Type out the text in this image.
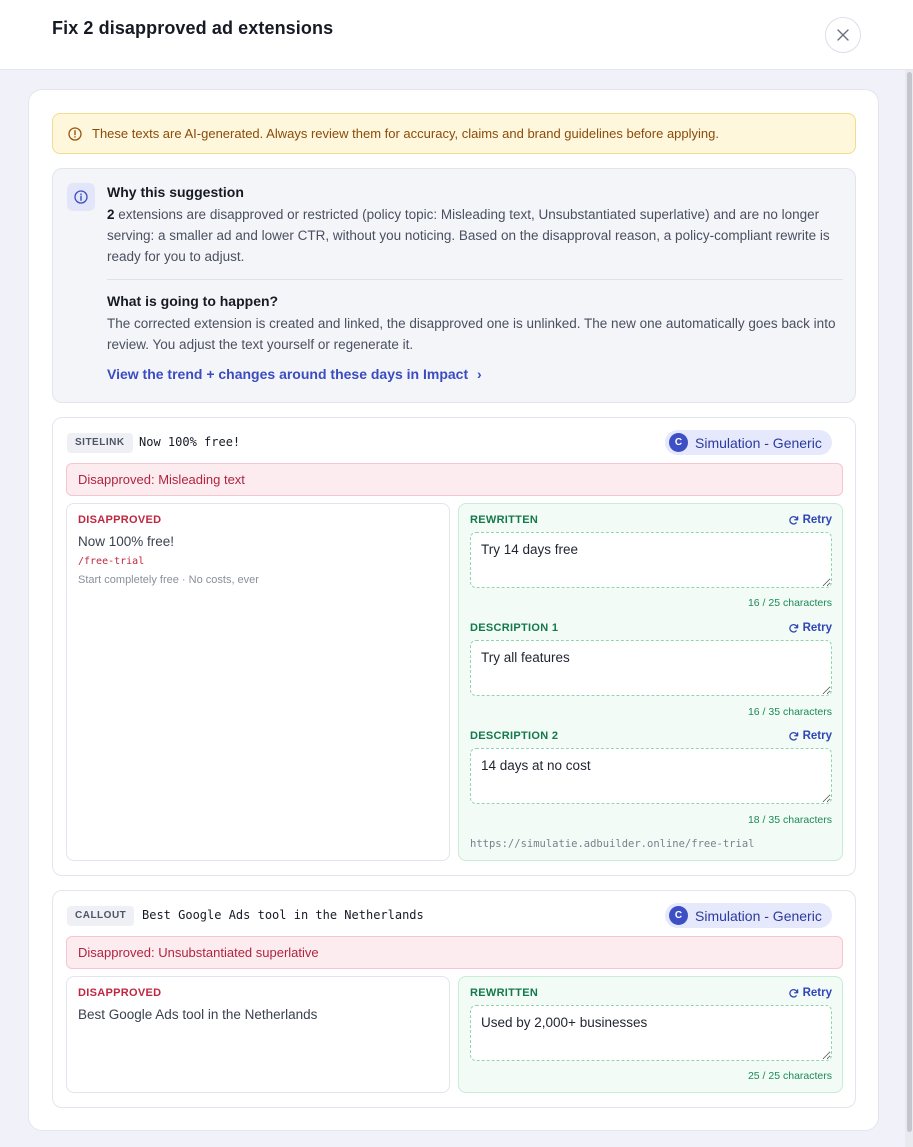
Fix 2 disapproved ad extensions
These texts are AI-generated. Always review them for accuracy, claims and brand guidelines before applying.
Why this suggestion
2 extensions are disapproved or restricted (policy topic: Misleading text, Unsubstantiated superlative) and are no longer serving: a smaller ad and lower CTR, without you noticing. Based on the disapproval reason, a policy-compliant rewrite is ready for you to adjust.
What is going to happen?
The corrected extension is created and linked, the disapproved one is unlinked. The new one automatically goes back into review. You adjust the text yourself or regenerate it.
View the trend + changes around these days in Impact ›
SITELINK	Now 100% free!	C Simulation - Generic
Disapproved: Misleading text
DISAPPROVED
Now 100% free!
/free-trial
Start completely free · No costs, ever
REWRITTEN	Retry
Try 14 days free
16 / 25 characters
DESCRIPTION 1	Retry
Try all features
16 / 35 characters
DESCRIPTION 2	Retry
14 days at no cost
18 / 35 characters
https://simulatie.adbuilder.online/free-trial
CALLOUT	Best Google Ads tool in the Netherlands	C Simulation - Generic
Disapproved: Unsubstantiated superlative
DISAPPROVED
Best Google Ads tool in the Netherlands
REWRITTEN	Retry
Used by 2,000+ businesses
25 / 25 characters
